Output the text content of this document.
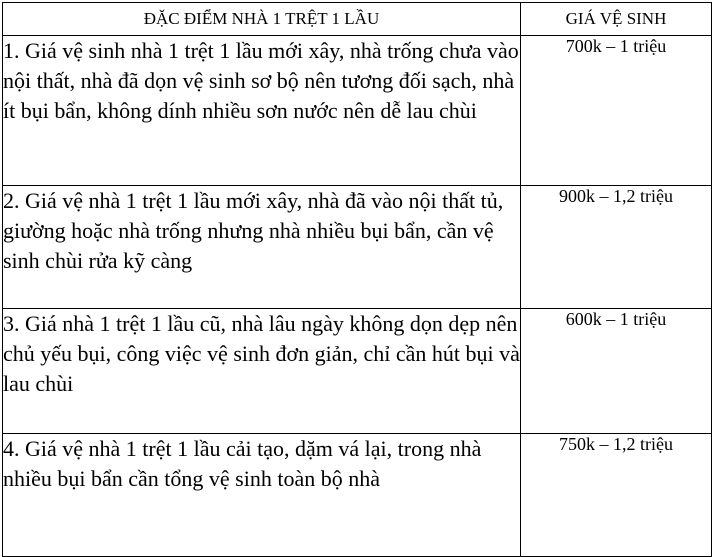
ĐẶC ĐIỂM NHÀ 1 TRỆT 1 LẦU	GIÁ VỆ SINH
1. Giá vệ sinh nhà 1 trệt 1 lầu mới xây, nhà trống chưa vào nội thất, nhà đã dọn vệ sinh sơ bộ nên tương đối sạch, nhà ít bụi bẩn, không dính nhiều sơn nước nên dễ lau chùi	700k – 1 triệu
2. Giá vệ nhà 1 trệt 1 lầu mới xây, nhà đã vào nội thất tủ, giường hoặc nhà trống nhưng nhà nhiều bụi bẩn, cần vệ sinh chùi rửa kỹ càng	900k – 1,2 triệu
3. Giá nhà 1 trệt 1 lầu cũ, nhà lâu ngày không dọn dẹp nên chủ yếu bụi, công việc vệ sinh đơn giản, chỉ cần hút bụi và lau chùi	600k – 1 triệu
4. Giá vệ nhà 1 trệt 1 lầu cải tạo, dặm vá lại, trong nhà nhiều bụi bẩn cần tổng vệ sinh toàn bộ nhà	750k – 1,2 triệu
